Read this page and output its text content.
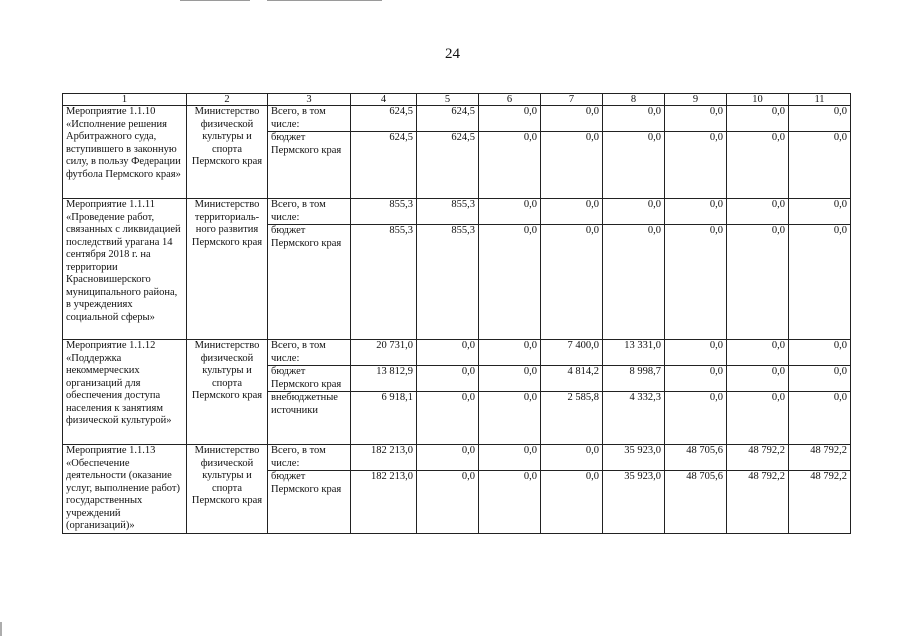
24
1	2	3	4	5	6	7	8	9	10	11
Мероприятие 1.1.10 «Исполнение решения Арбитражного суда, вступившего в законную силу, в пользу Федерации футбола Пермского края»	Министерство физической культуры и спорта Пермского края	Всего, в том числе:	624,5	624,5	0,0	0,0	0,0	0,0	0,0	0,0
		бюджет Пермского края	624,5	624,5	0,0	0,0	0,0	0,0	0,0	0,0
Мероприятие 1.1.11 «Проведение работ, связанных с ликвидацией последствий урагана 14 сентября 2018 г. на территории Красновишерского муниципального района, в учреждениях социальной сферы»	Министерство территориаль-ного развития Пермского края	Всего, в том числе:	855,3	855,3	0,0	0,0	0,0	0,0	0,0	0,0
		бюджет Пермского края	855,3	855,3	0,0	0,0	0,0	0,0	0,0	0,0
Мероприятие 1.1.12 «Поддержка некоммерческих организаций для обеспечения доступа населения к занятиям физической культурой»	Министерство физической культуры и спорта Пермского края	Всего, в том числе:	20 731,0	0,0	0,0	7 400,0	13 331,0	0,0	0,0	0,0
		бюджет Пермского края	13 812,9	0,0	0,0	4 814,2	8 998,7	0,0	0,0	0,0
		внебюджетные источники	6 918,1	0,0	0,0	2 585,8	4 332,3	0,0	0,0	0,0
Мероприятие 1.1.13 «Обеспечение деятельности (оказание услуг, выполнение работ) государственных учреждений (организаций)»	Министерство физической культуры и спорта Пермского края	Всего, в том числе:	182 213,0	0,0	0,0	0,0	35 923,0	48 705,6	48 792,2	48 792,2
		бюджет Пермского края	182 213,0	0,0	0,0	0,0	35 923,0	48 705,6	48 792,2	48 792,2
